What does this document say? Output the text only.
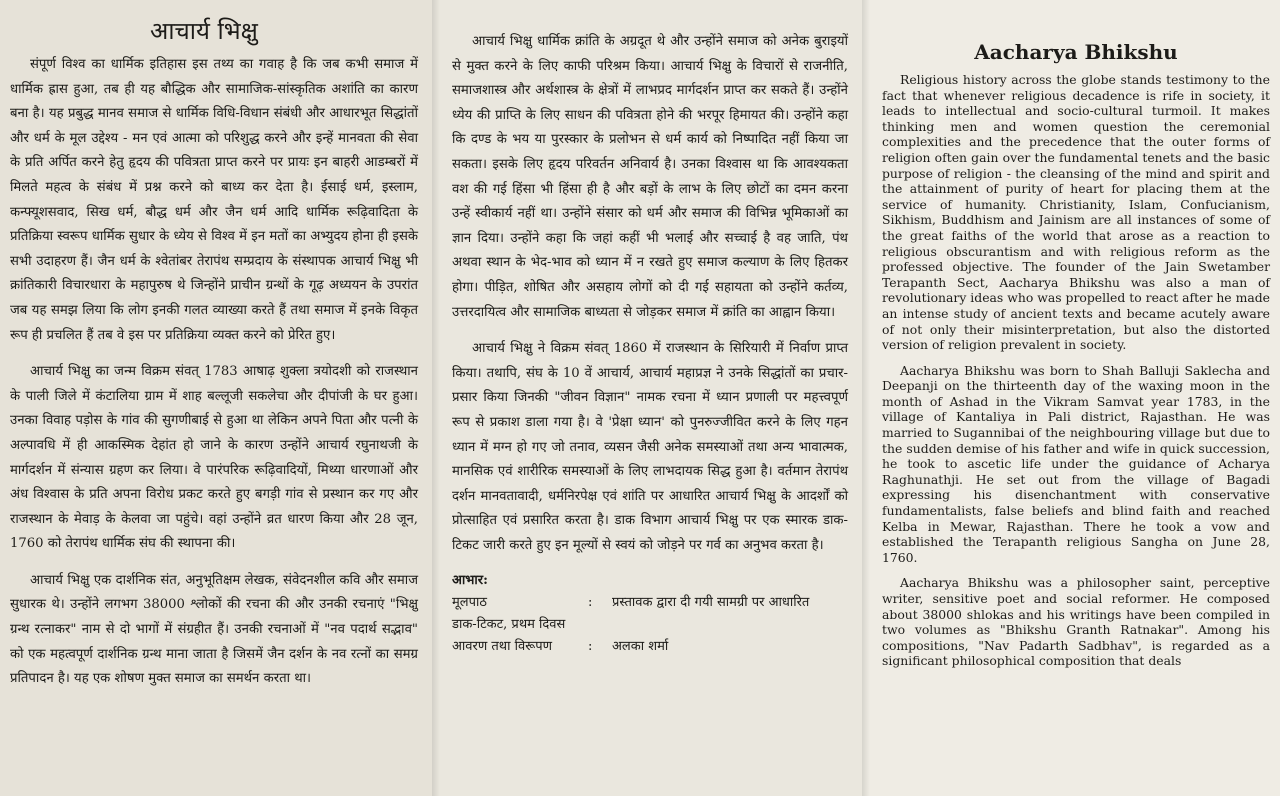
आचार्य भिक्षु

संपूर्ण विश्व का धार्मिक इतिहास इस तथ्य का गवाह है कि जब कभी समाज में धार्मिक ह्रास हुआ, तब ही यह बौद्धिक और सामाजिक-सांस्कृतिक अशांति का कारण बना है। यह प्रबुद्ध मानव समाज से धार्मिक विधि-विधान संबंधी और आधारभूत सिद्धांतों और धर्म के मूल उद्देश्य - मन एवं आत्मा को परिशुद्ध करने और इन्हें मानवता की सेवा के प्रति अर्पित करने हेतु हृदय की पवित्रता प्राप्त करने पर प्रायः इन बाहरी आडम्बरों में मिलते महत्व के संबंध में प्रश्न करने को बाध्य कर देता है। ईसाई धर्म, इस्लाम, कन्फ्यूशसवाद, सिख धर्म, बौद्ध धर्म और जैन धर्म आदि धार्मिक रूढ़िवादिता के प्रतिक्रिया स्वरूप धार्मिक सुधार के ध्येय से विश्व में इन मतों का अभ्युदय होना ही इसके सभी उदाहरण हैं। जैन धर्म के श्वेतांबर तेरापंथ सम्प्रदाय के संस्थापक आचार्य भिक्षु भी क्रांतिकारी विचारधारा के महापुरुष थे जिन्होंने प्राचीन ग्रन्थों के गूढ़ अध्ययन के उपरांत जब यह समझ लिया कि लोग इनकी गलत व्याख्या करते हैं तथा समाज में इनके विकृत रूप ही प्रचलित हैं तब वे इस पर प्रतिक्रिया व्यक्त करने को प्रेरित हुए।

आचार्य भिक्षु का जन्म विक्रम संवत् 1783 आषाढ़ शुक्ला त्रयोदशी को राजस्थान के पाली जिले में कंटालिया ग्राम में शाह बल्लूजी सकलेचा और दीपांजी के घर हुआ। उनका विवाह पड़ोस के गांव की सुगणीबाई से हुआ था लेकिन अपने पिता और पत्नी के अल्पावधि में ही आकस्मिक देहांत हो जाने के कारण उन्होंने आचार्य रघुनाथजी के मार्गदर्शन में संन्यास ग्रहण कर लिया। वे पारंपरिक रूढ़िवादियों, मिथ्या धारणाओं और अंध विश्वास के प्रति अपना विरोध प्रकट करते हुए बगड़ी गांव से प्रस्थान कर गए और राजस्थान के मेवाड़ के केलवा जा पहुंचे। वहां उन्होंने व्रत धारण किया और 28 जून, 1760 को तेरापंथ धार्मिक संघ की स्थापना की।

आचार्य भिक्षु एक दार्शनिक संत, अनुभूतिक्षम लेखक, संवेदनशील कवि और समाज सुधारक थे। उन्होंने लगभग 38000 श्लोकों की रचना की और उनकी रचनाएं "भिक्षु ग्रन्थ रत्नाकर" नाम से दो भागों में संग्रहीत हैं। उनकी रचनाओं में "नव पदार्थ सद्भाव" को एक महत्वपूर्ण दार्शनिक ग्रन्थ माना जाता है जिसमें जैन दर्शन के नव रत्नों का समग्र प्रतिपादन है। यह एक शोषण मुक्त समाज का समर्थन करता था।

आचार्य भिक्षु धार्मिक क्रांति के अग्रदूत थे और उन्होंने समाज को अनेक बुराइयों से मुक्त करने के लिए काफी परिश्रम किया। आचार्य भिक्षु के विचारों से राजनीति, समाजशास्त्र और अर्थशास्त्र के क्षेत्रों में लाभप्रद मार्गदर्शन प्राप्त कर सकते हैं। उन्होंने ध्येय की प्राप्ति के लिए साधन की पवित्रता होने की भरपूर हिमायत की। उन्होंने कहा कि दण्ड के भय या पुरस्कार के प्रलोभन से धर्म कार्य को निष्पादित नहीं किया जा सकता। इसके लिए हृदय परिवर्तन अनिवार्य है। उनका विश्वास था कि आवश्यकता वश की गई हिंसा भी हिंसा ही है और बड़ों के लाभ के लिए छोटों का दमन करना उन्हें स्वीकार्य नहीं था। उन्होंने संसार को धर्म और समाज की विभिन्न भूमिकाओं का ज्ञान दिया। उन्होंने कहा कि जहां कहीं भी भलाई और सच्चाई है वह जाति, पंथ अथवा स्थान के भेद-भाव को ध्यान में न रखते हुए समाज कल्याण के लिए हितकर होगा। पीड़ित, शोषित और असहाय लोगों को दी गई सहायता को उन्होंने कर्तव्य, उत्तरदायित्व और सामाजिक बाध्यता से जोड़कर समाज में क्रांति का आह्वान किया।

आचार्य भिक्षु ने विक्रम संवत् 1860 में राजस्थान के सिरियारी में निर्वाण प्राप्त किया। तथापि, संघ के 10 वें आचार्य, आचार्य महाप्रज्ञ ने उनके सिद्धांतों का प्रचार-प्रसार किया जिनकी "जीवन विज्ञान" नामक रचना में ध्यान प्रणाली पर महत्त्वपूर्ण रूप से प्रकाश डाला गया है। वे 'प्रेक्षा ध्यान' को पुनरुज्जीवित करने के लिए गहन ध्यान में मग्न हो गए जो तनाव, व्यसन जैसी अनेक समस्याओं तथा अन्य भावात्मक, मानसिक एवं शारीरिक समस्याओं के लिए लाभदायक सिद्ध हुआ है। वर्तमान तेरापंथ दर्शन मानवतावादी, धर्मनिरपेक्ष एवं शांति पर आधारित आचार्य भिक्षु के आदर्शों को प्रोत्साहित एवं प्रसारित करता है। डाक विभाग आचार्य भिक्षु पर एक स्मारक डाक-टिकट जारी करते हुए इन मूल्यों से स्वयं को जोड़ने पर गर्व का अनुभव करता है।

आभार:
मूलपाठ	:	प्रस्तावक द्वारा दी गयी सामग्री पर आधारित
डाक-टिकट, प्रथम दिवस
आवरण तथा विरूपण	:	अलका शर्मा
Aacharya Bhikshu

Religious history across the globe stands testimony to the fact that whenever religious decadence is rife in society, it leads to intellectual and socio-cultural turmoil. It makes thinking men and women question the ceremonial complexities and the precedence that the outer forms of religion often gain over the fundamental tenets and the basic purpose of religion - the cleansing of the mind and spirit and the attainment of purity of heart for placing them at the service of humanity. Christianity, Islam, Confucianism, Sikhism, Buddhism and Jainism are all instances of some of the great faiths of the world that arose as a reaction to religious obscurantism and with religious reform as the professed objective. The founder of the Jain Swetamber Terapanth Sect, Aacharya Bhikshu was also a man of revolutionary ideas who was propelled to react after he made an intense study of ancient texts and became acutely aware of not only their misinterpretation, but also the distorted version of religion prevalent in society.

Aacharya Bhikshu was born to Shah Balluji Saklecha and Deepanji on the thirteenth day of the waxing moon in the month of Ashad in the Vikram Samvat year 1783, in the village of Kantaliya in Pali district, Rajasthan. He was married to Sugannibai of the neighbouring village but due to the sudden demise of his father and wife in quick succession, he took to ascetic life under the guidance of Acharya Raghunathji. He set out from the village of Bagadi expressing his disenchantment with conservative fundamentalists, false beliefs and blind faith and reached Kelba in Mewar, Rajasthan. There he took a vow and established the Terapanth religious Sangha on June 28, 1760.

Aacharya Bhikshu was a philosopher saint, perceptive writer, sensitive poet and social reformer. He composed about 38000 shlokas and his writings have been compiled in two volumes as "Bhikshu Granth Ratnakar". Among his compositions, "Nav Padarth Sadbhav", is regarded as a significant philosophical composition that deals
